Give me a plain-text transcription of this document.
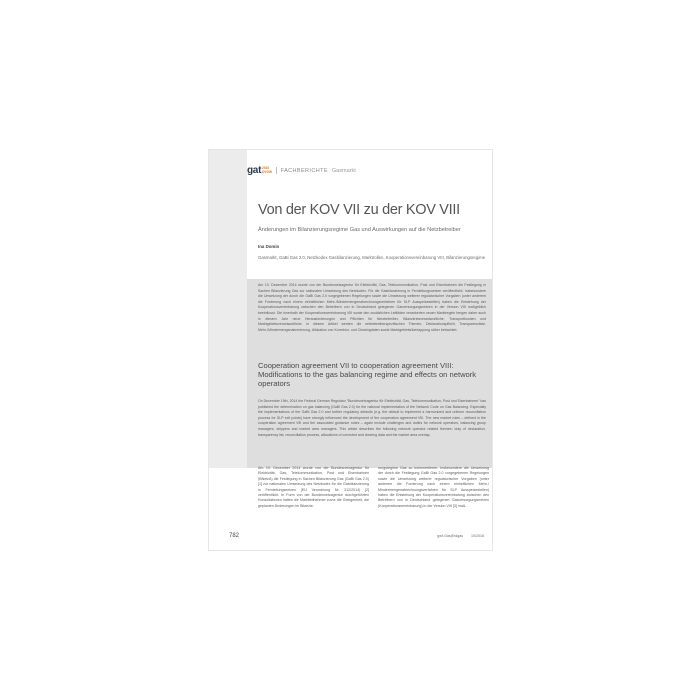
gat 2016
DVGW FACHBERICHTE Gasmarkt
Von der KOV VII zu der KOV VIII
Änderungen im Bilanzierungsregime Gas und Auswirkungen auf die Netzbetreiber
Ina Domin
Gasmarkt, GaBi Gas 2.0, Netzkodex Gasbilanzierung, Marktrollen, Kooperationsvereinbarung VIII, Bilanzierungsregime
Am 19. Dezember 2014 wurde von der Bundesnetzagentur für Elektrizität, Gas, Telekommunikation, Post und Eisenbahnen die Festlegung in Sachen Bilanzierung Gas zur nationalen Umsetzung des Netzkodex. Für die Gasbilanzierung in Fernleitungsnetzen veröffentlicht. Insbesondere die Umsetzung der durch die GaBi Gas 2.0 vorgegebenen Regelungen sowie die Umsetzung weiterer regulatorischer Vorgaben (unter anderem die Forderung nach einem einheitlichen Mehr-/Mindermengenabrechnungsverfahren für SLP Ausspeisestellen) haben die Entstehung der Kooperationsvereinbarung zwischen den Betreibern von in Deutschland gelegenen Gasversorgungsnetzen in der Version VIII maßgeblich beeinflusst. Die innerhalb der Kooperationsvereinbarung VIII sowie den zusätzlichen Leitfäden verankerten neuen Marktregeln bergen daher auch in diesem Jahr neue Herausforderungen und Pflichten für Netzbetreiber, Bilanzkreisverantwortliche, Transportkunden und Marktgebietsverantwortliche. In diesem Artikel werden die netzbetreiberspezifischen Themen, Deklarationspflicht, Transparenzliste, Mehr-/Mindermengenabrechnung, Allokation von Korrektur- und Clearingdaten sowie Marktgebietsüberlappung näher betrachtet.
Cooperation agreement VII to cooperation agreement VIII: Modifications to the gas balancing regime and effects on network operators
On December 19th, 2014 the Federal German Regulator "Bundesnetzagentur für Elektrizität, Gas, Telekommunikation, Post und Eisenbahnen" has published the determination on gas balancing (GaBi Gas 2.0) for the national implementation of the Network Code on Gas Balancing. Especially the implementations of the GaBi Gas 2.0 and further regulatory defaults (e.g. the default to implement a harmonized and uniform reconciliation process for SLP exit points) have strongly influenced the development of the cooperation agreement VIII. The new market rules – defined in the cooperation agreement VIII and the associated guidance notes – again include challenges and duties for network operators, balancing group managers, shippers and market area managers. This article describes the following network operator related themes: duty of declaration, transparency list, reconciliation process, allocations of corrected and clearing data and the market area overlap.
Am 19. Dezember 2014 wurde von der Bundesnetzagentur für Elektrizität, Gas, Telekommunikation, Post und Eisenbahnen (BNetzA) die Festlegung in Sachen Bilanzierung Gas (GaBi Gas 2.0) [1] zur nationalen Umsetzung des Netzkodex für die Gasbilanzierung in Fernleitungsnetzen (EU Verordnung Nr. 312/2014) [2] veröffentlicht. In Form von der Bundesnetzagentur durchgeführten Konsultationen hatten die Marktteilnehmer zuvor die Gelegenheit, die geplanten Änderungen im Bilanzie-
rungsregime Gas zu kommentieren. Insbesondere die Umsetzung der durch die Festlegung GaBi Gas 2.0 vorgegebenen Regelungen sowie die Umsetzung weiterer regulatorischer Vorgaben (unter anderem die Forderung nach einem einheitlichen Mehr-/ Mindermengenabrechnungsverfahren für SLP Ausspeisestellen) haben die Entstehung der Kooperationsvereinbarung zwischen den Betreibern von in Deutschland gelegenen Gasversorgungsnetzen (Kooperationsvereinbarung) in der Version VIII [3] maß-
782	gwf-Gas|Erdgas 10/2016
